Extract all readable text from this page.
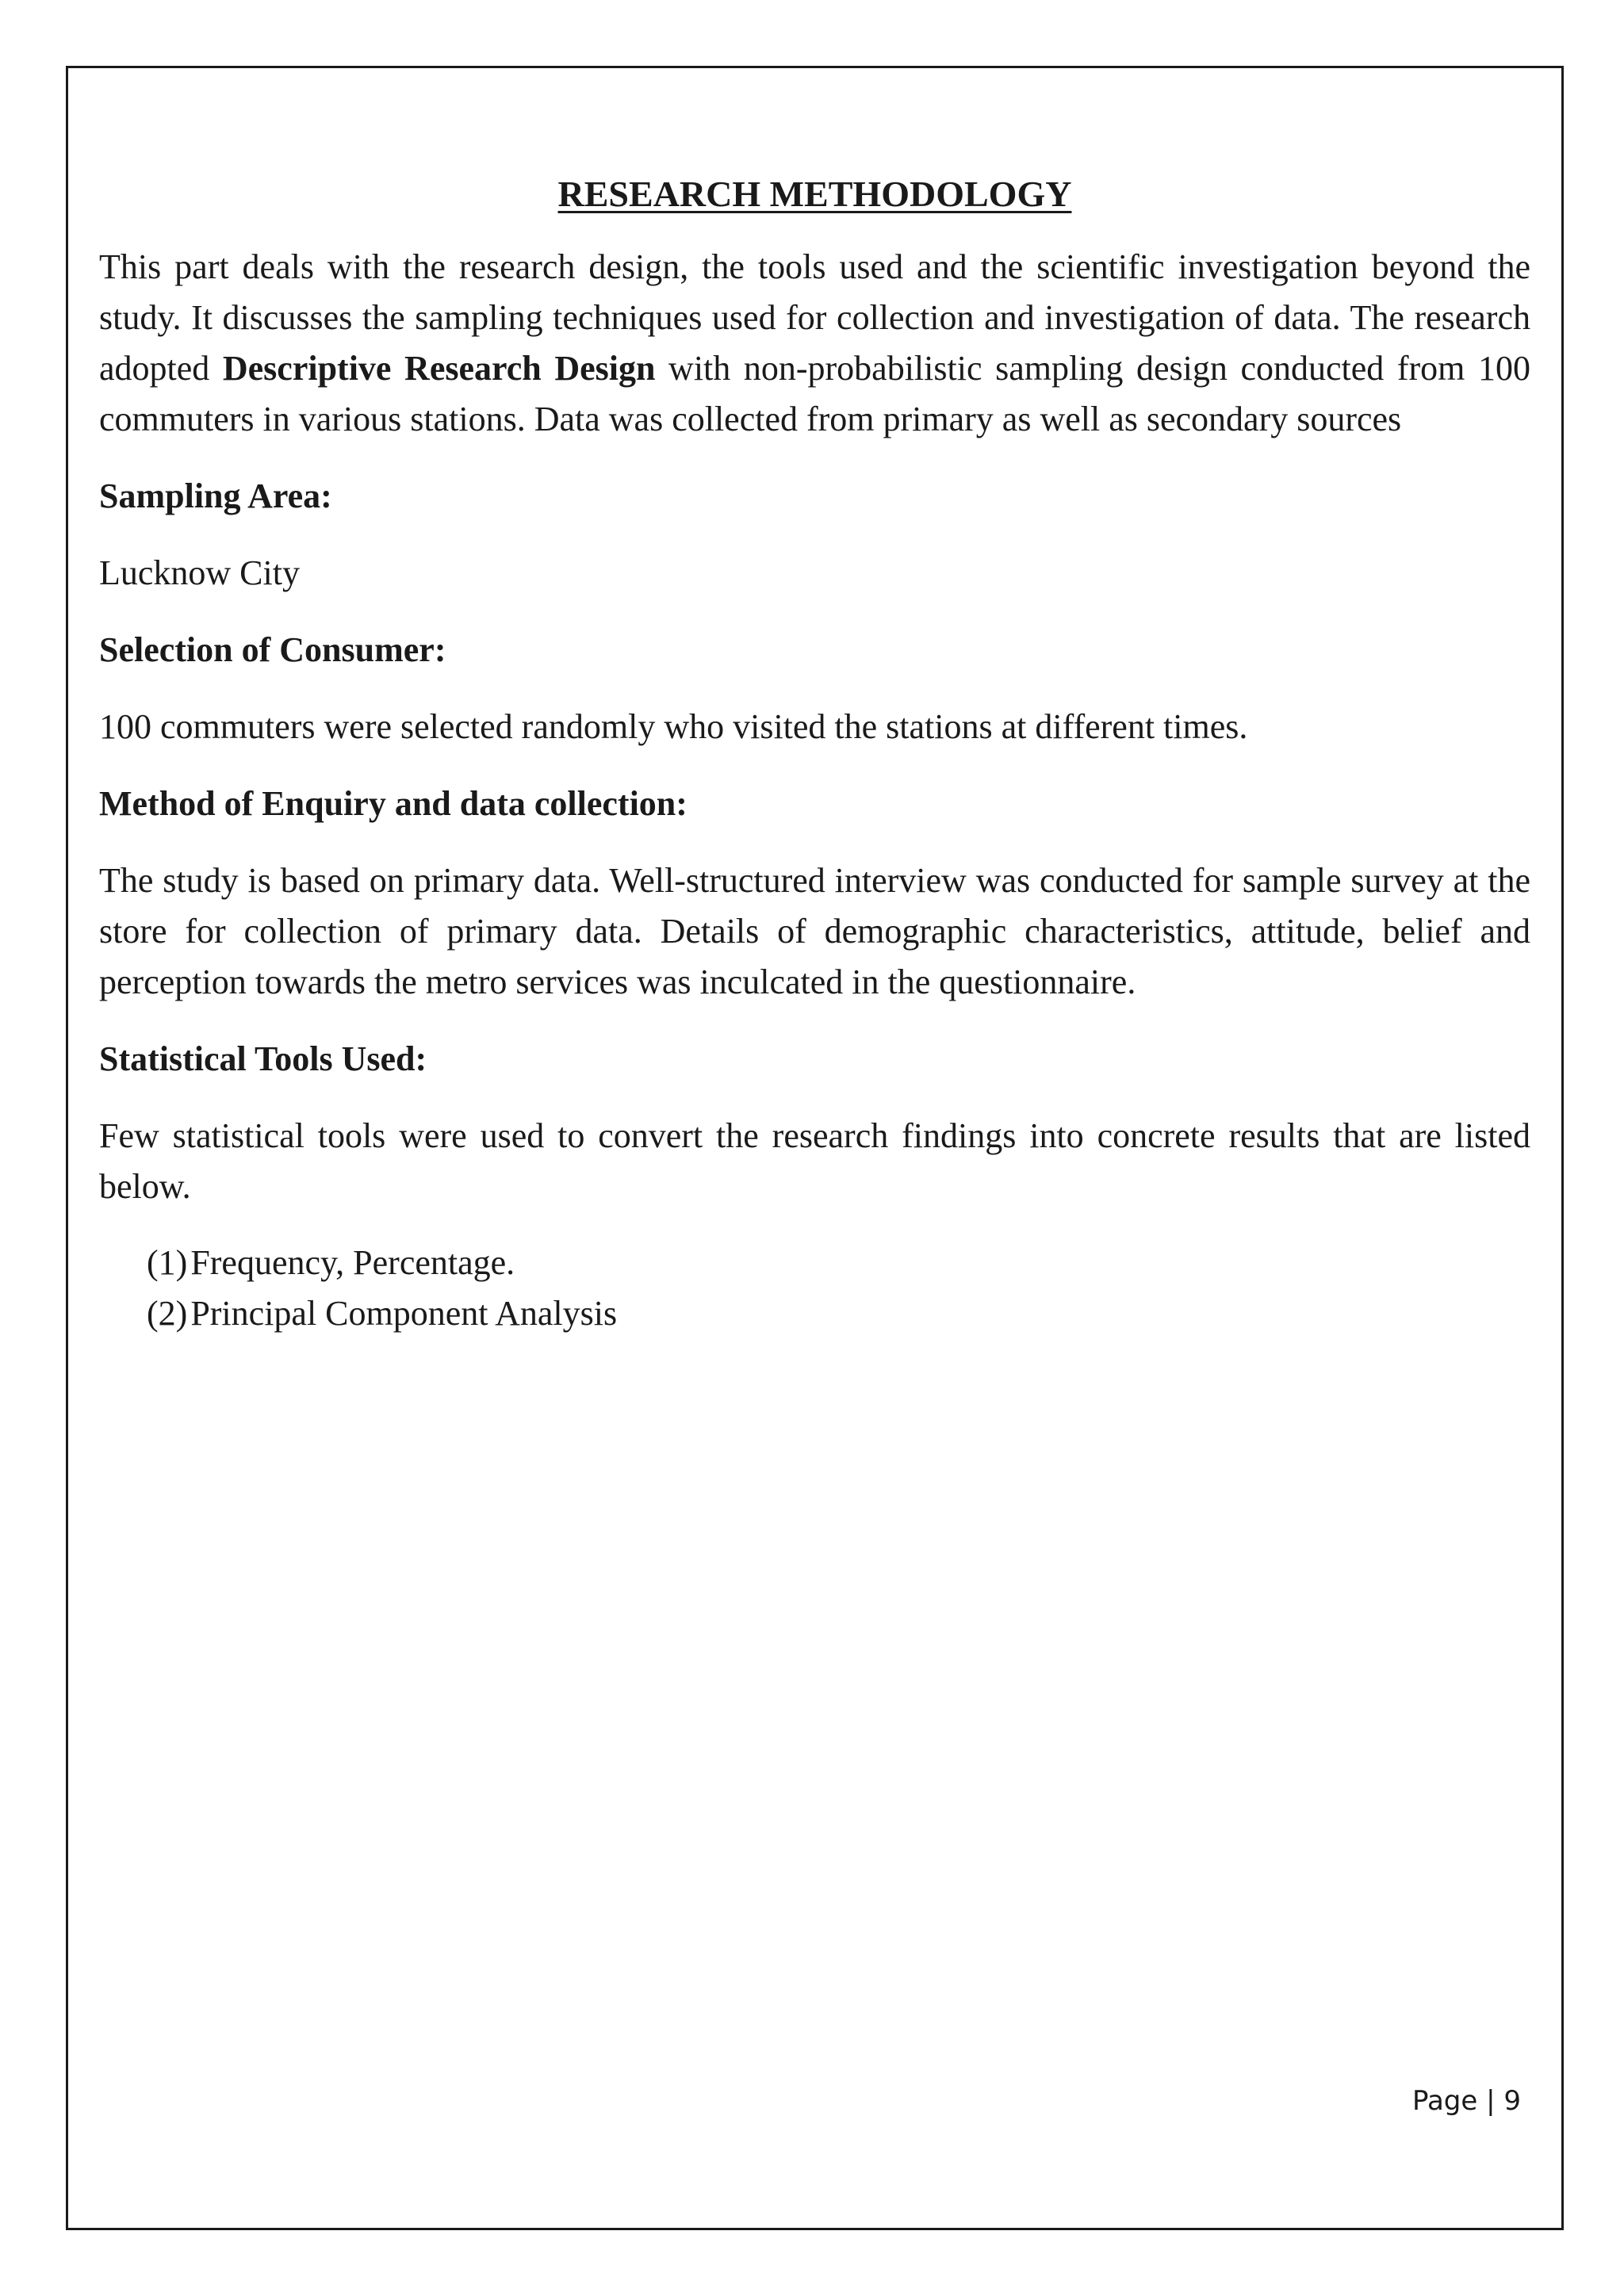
RESEARCH METHODOLOGY

This part deals with the research design, the tools used and the scientific investigation beyond the study. It discusses the sampling techniques used for collection and investigation of data. The research adopted Descriptive Research Design with non-probabilistic sampling design conducted from 100 commuters in various stations. Data was collected from primary as well as secondary sources

Sampling Area:

Lucknow City

Selection of Consumer:

100 commuters were selected randomly who visited the stations at different times.

Method of Enquiry and data collection:

The study is based on primary data. Well-structured interview was conducted for sample survey at the store for collection of primary data. Details of demographic characteristics, attitude, belief and perception towards the metro services was inculcated in the questionnaire.

Statistical Tools Used:

Few statistical tools were used to convert the research findings into concrete results that are listed below.

(1)Frequency, Percentage.
(2)Principal Component Analysis
Page | 9
